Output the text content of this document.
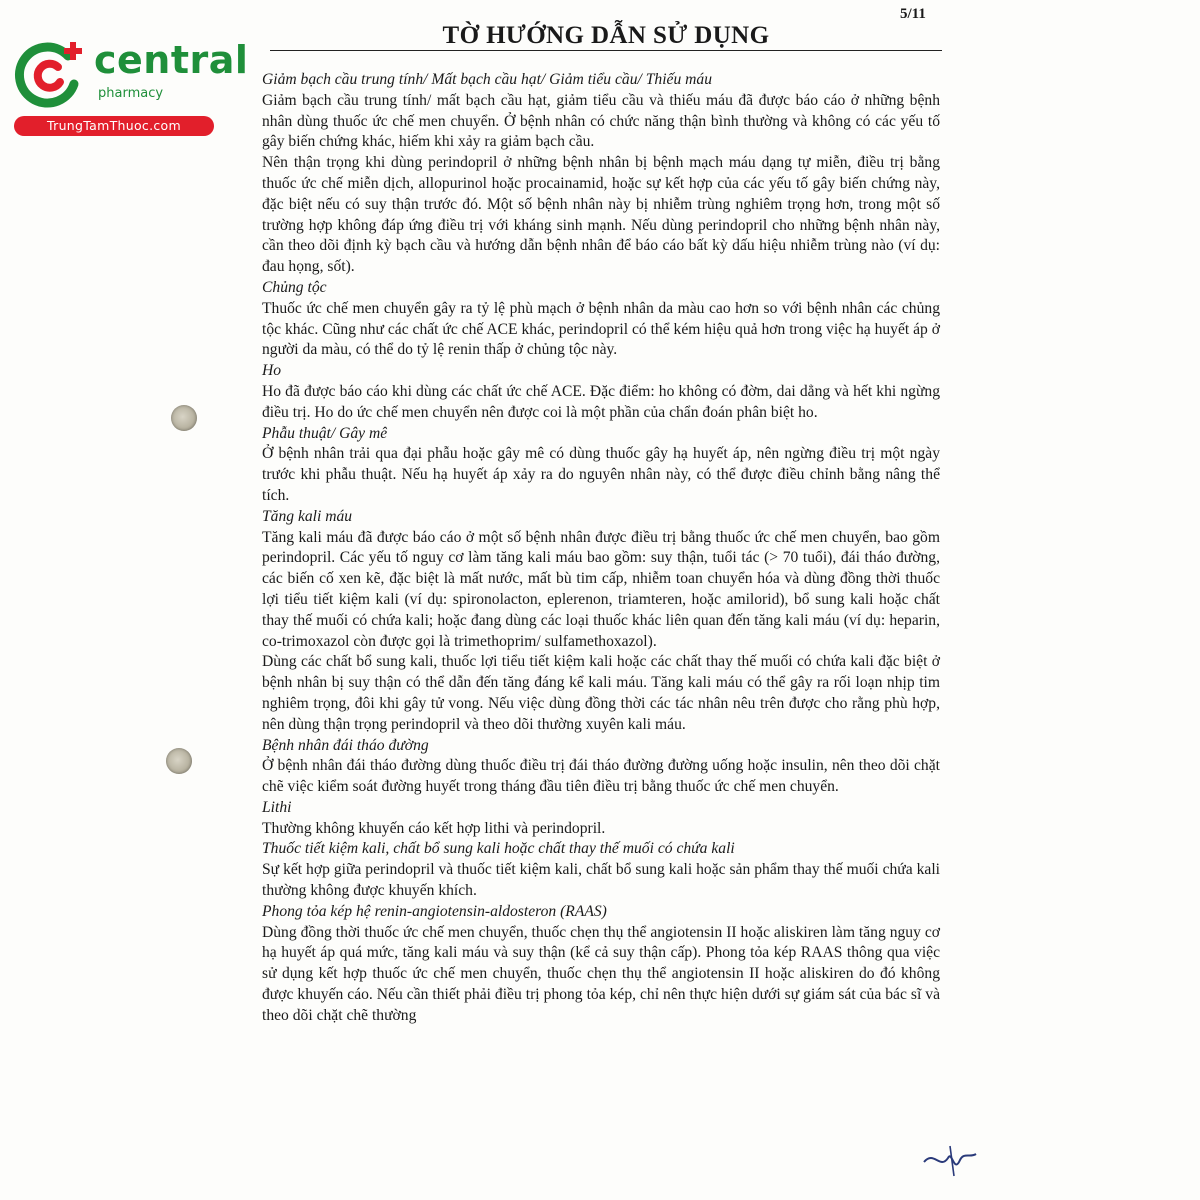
central
pharmacy
TrungTamThuoc.com
5/11
TỜ HƯỚNG DẪN SỬ DỤNG

Giảm bạch cầu trung tính/ Mất bạch cầu hạt/ Giảm tiểu cầu/ Thiếu máu

Giảm bạch cầu trung tính/ mất bạch cầu hạt, giảm tiểu cầu và thiếu máu đã được báo cáo ở những bệnh nhân dùng thuốc ức chế men chuyển. Ở bệnh nhân có chức năng thận bình thường và không có các yếu tố gây biến chứng khác, hiếm khi xảy ra giảm bạch cầu.

Nên thận trọng khi dùng perindopril ở những bệnh nhân bị bệnh mạch máu dạng tự miễn, điều trị bằng thuốc ức chế miễn dịch, allopurinol hoặc procainamid, hoặc sự kết hợp của các yếu tố gây biến chứng này, đặc biệt nếu có suy thận trước đó. Một số bệnh nhân này bị nhiễm trùng nghiêm trọng hơn, trong một số trường hợp không đáp ứng điều trị với kháng sinh mạnh. Nếu dùng perindopril cho những bệnh nhân này, cần theo dõi định kỳ bạch cầu và hướng dẫn bệnh nhân để báo cáo bất kỳ dấu hiệu nhiễm trùng nào (ví dụ: đau họng, sốt).

Chủng tộc

Thuốc ức chế men chuyển gây ra tỷ lệ phù mạch ở bệnh nhân da màu cao hơn so với bệnh nhân các chủng tộc khác. Cũng như các chất ức chế ACE khác, perindopril có thể kém hiệu quả hơn trong việc hạ huyết áp ở người da màu, có thể do tỷ lệ renin thấp ở chủng tộc này.

Ho

Ho đã được báo cáo khi dùng các chất ức chế ACE. Đặc điểm: ho không có đờm, dai dẳng và hết khi ngừng điều trị. Ho do ức chế men chuyển nên được coi là một phần của chẩn đoán phân biệt ho.

Phẫu thuật/ Gây mê

Ở bệnh nhân trải qua đại phẫu hoặc gây mê có dùng thuốc gây hạ huyết áp, nên ngừng điều trị một ngày trước khi phẫu thuật. Nếu hạ huyết áp xảy ra do nguyên nhân này, có thể được điều chỉnh bằng nâng thể tích.

Tăng kali máu

Tăng kali máu đã được báo cáo ở một số bệnh nhân được điều trị bằng thuốc ức chế men chuyển, bao gồm perindopril. Các yếu tố nguy cơ làm tăng kali máu bao gồm: suy thận, tuổi tác (> 70 tuổi), đái tháo đường, các biến cố xen kẽ, đặc biệt là mất nước, mất bù tim cấp, nhiễm toan chuyển hóa và dùng đồng thời thuốc lợi tiểu tiết kiệm kali (ví dụ: spironolacton, eplerenon, triamteren, hoặc amilorid), bổ sung kali hoặc chất thay thế muối có chứa kali; hoặc đang dùng các loại thuốc khác liên quan đến tăng kali máu (ví dụ: heparin, co-trimoxazol còn được gọi là trimethoprim/ sulfamethoxazol).

Dùng các chất bổ sung kali, thuốc lợi tiểu tiết kiệm kali hoặc các chất thay thế muối có chứa kali đặc biệt ở bệnh nhân bị suy thận có thể dẫn đến tăng đáng kể kali máu. Tăng kali máu có thể gây ra rối loạn nhịp tim nghiêm trọng, đôi khi gây tử vong. Nếu việc dùng đồng thời các tác nhân nêu trên được cho rằng phù hợp, nên dùng thận trọng perindopril và theo dõi thường xuyên kali máu.

Bệnh nhân đái tháo đường

Ở bệnh nhân đái tháo đường dùng thuốc điều trị đái tháo đường đường uống hoặc insulin, nên theo dõi chặt chẽ việc kiểm soát đường huyết trong tháng đầu tiên điều trị bằng thuốc ức chế men chuyển.

Lithi

Thường không khuyến cáo kết hợp lithi và perindopril.

Thuốc tiết kiệm kali, chất bổ sung kali hoặc chất thay thế muối có chứa kali

Sự kết hợp giữa perindopril và thuốc tiết kiệm kali, chất bổ sung kali hoặc sản phẩm thay thế muối chứa kali thường không được khuyến khích.

Phong tỏa kép hệ renin-angiotensin-aldosteron (RAAS)

Dùng đồng thời thuốc ức chế men chuyển, thuốc chẹn thụ thể angiotensin II hoặc aliskiren làm tăng nguy cơ hạ huyết áp quá mức, tăng kali máu và suy thận (kể cả suy thận cấp). Phong tỏa kép RAAS thông qua việc sử dụng kết hợp thuốc ức chế men chuyển, thuốc chẹn thụ thể angiotensin II hoặc aliskiren do đó không được khuyến cáo. Nếu cần thiết phải điều trị phong tỏa kép, chỉ nên thực hiện dưới sự giám sát của bác sĩ và theo dõi chặt chẽ thường
